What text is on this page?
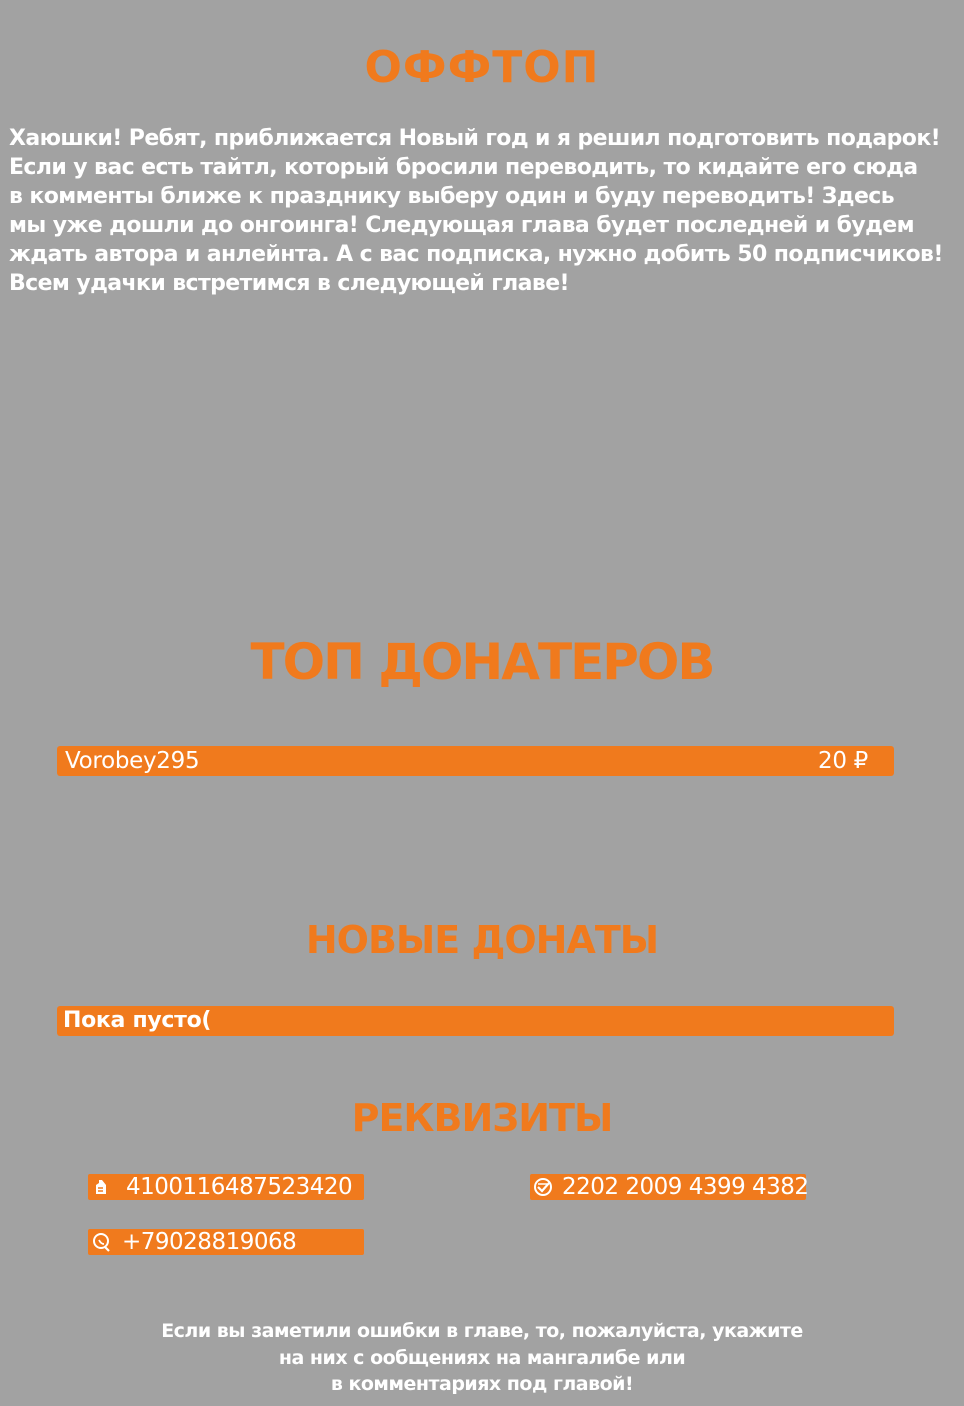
ОФФТОП

Хаюшки! Ребят, приближается Новый год и я решил подготовить подарок!
Если у вас есть тайтл, который бросили переводить, то кидайте его сюда
в комменты ближе к празднику выберу один и буду переводить! Здесь
мы уже дошли до онгоинга! Следующая глава будет последней и будем
ждать автора и анлейнта. А с вас подписка, нужно добить 50 подписчиков!
Всем удачки встретимся в следующей главе!

ТОП ДОНАТЕРОВ
Vorobey295	20 ₽
НОВЫЕ ДОНАТЫ
Пока пусто(
РЕКВИЗИТЫ
4100116487523420	2202 2009 4399 4382
+79028819068

Если вы заметили ошибки в главе, то, пожалуйста, укажите
на них с ообщениях на мангалибе или
в комментариях под главой!
